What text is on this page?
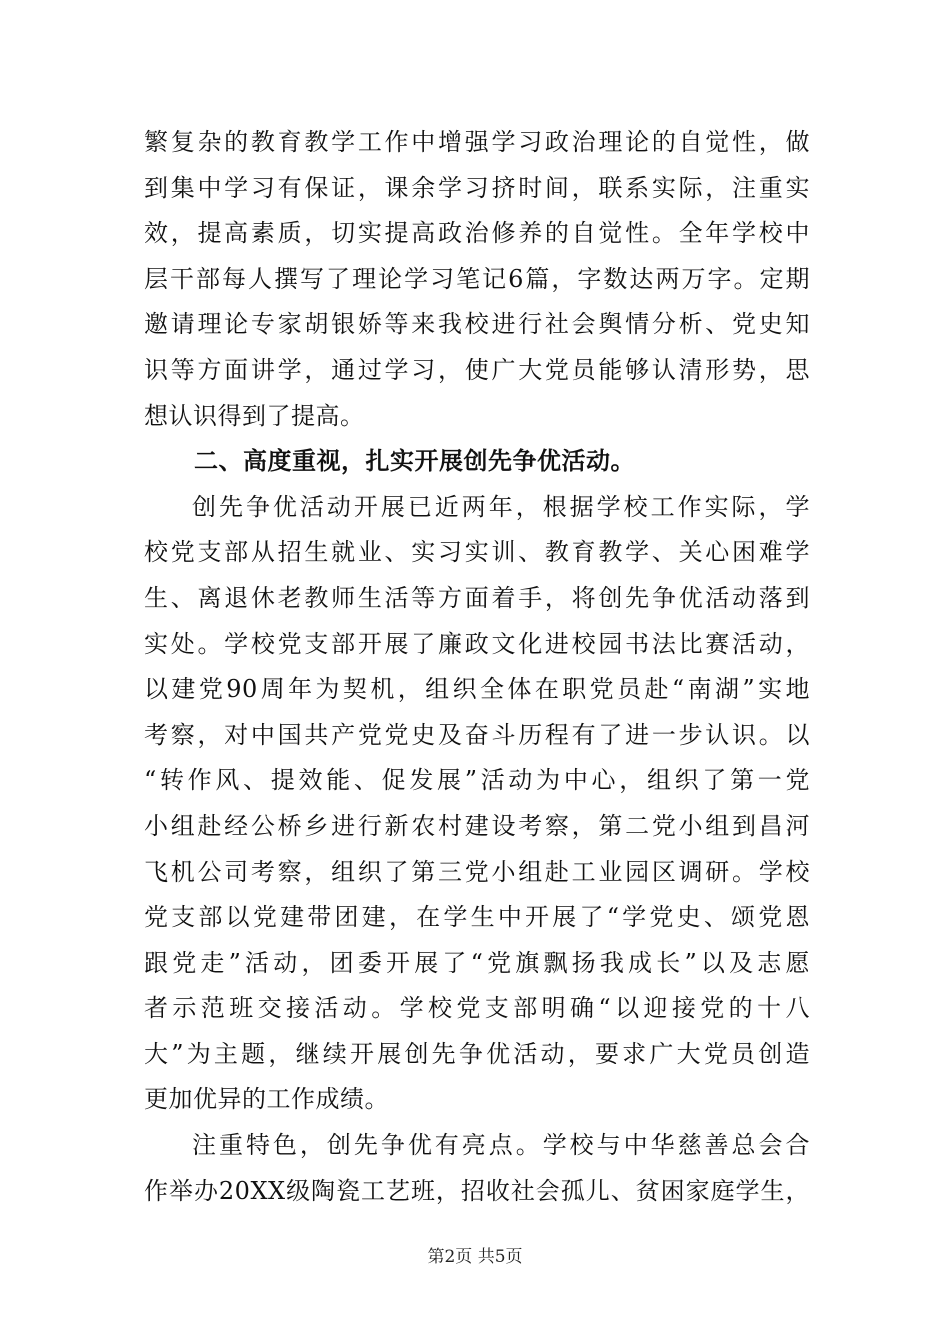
繁复杂的教育教学工作中增强学习政治理论的自觉性，做
到集中学习有保证，课余学习挤时间，联系实际，注重实
效，提高素质，切实提高政治修养的自觉性。全年学校中
层干部每人撰写了理论学习笔记6篇，字数达两万字。定期
邀请理论专家胡银娇等来我校进行社会舆情分析、党史知
识等方面讲学，通过学习，使广大党员能够认清形势，思
想认识得到了提高。
二、高度重视，扎实开展创先争优活动。
创先争优活动开展已近两年，根据学校工作实际，学
校党支部从招生就业、实习实训、教育教学、关心困难学
生、离退休老教师生活等方面着手，将创先争优活动落到
实处。学校党支部开展了廉政文化进校园书法比赛活动，
以建党90周年为契机，组织全体在职党员赴“南湖”实地
考察，对中国共产党党史及奋斗历程有了进一步认识。以
“转作风、提效能、促发展”活动为中心，组织了第一党
小组赴经公桥乡进行新农村建设考察，第二党小组到昌河
飞机公司考察，组织了第三党小组赴工业园区调研。学校
党支部以党建带团建，在学生中开展了“学党史、颂党恩
跟党走”活动，团委开展了“党旗飘扬我成长”以及志愿
者示范班交接活动。学校党支部明确“以迎接党的十八
大”为主题，继续开展创先争优活动，要求广大党员创造
更加优异的工作成绩。
注重特色，创先争优有亮点。学校与中华慈善总会合
作举办20XX级陶瓷工艺班，招收社会孤儿、贫困家庭学生，
第2页 共5页
